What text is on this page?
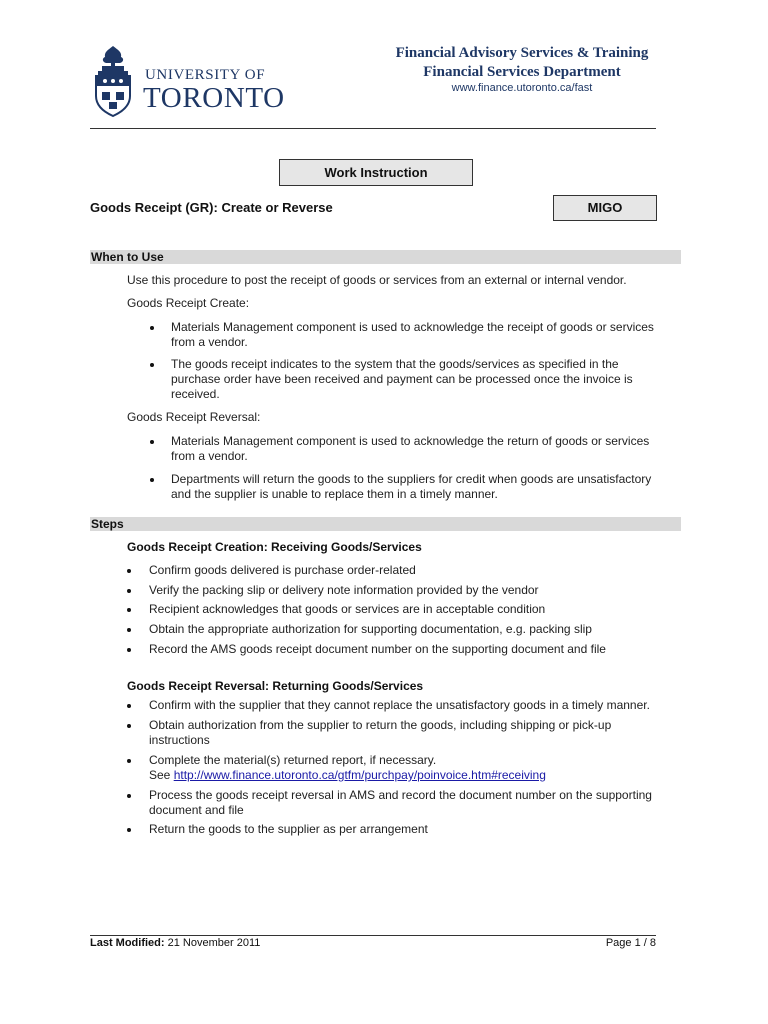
UNIVERSITY OF
TORONTO
Financial Advisory Services & Training
Financial Services Department
www.finance.utoronto.ca/fast
Work Instruction
Goods Receipt (GR): Create or Reverse	MIGO
When to Use
Use this procedure to post the receipt of goods or services from an external or internal vendor.
Goods Receipt Create:
Materials Management component is used to acknowledge the receipt of goods or services
from a vendor.
The goods receipt indicates to the system that the goods/services as specified in the
purchase order have been received and payment can be processed once the invoice is
received.
Goods Receipt Reversal:
Materials Management component is used to acknowledge the return of goods or services
from a vendor.
Departments will return the goods to the suppliers for credit when goods are unsatisfactory
and the supplier is unable to replace them in a timely manner.
Steps
Goods Receipt Creation: Receiving Goods/Services
Confirm goods delivered is purchase order-related
Verify the packing slip or delivery note information provided by the vendor
Recipient acknowledges that goods or services are in acceptable condition
Obtain the appropriate authorization for supporting documentation, e.g. packing slip
Record the AMS goods receipt document number on the supporting document and file
Goods Receipt Reversal: Returning Goods/Services
Confirm with the supplier that they cannot replace the unsatisfactory goods in a timely manner.
Obtain authorization from the supplier to return the goods, including shipping or pick-up
instructions
Complete the material(s) returned report, if necessary.
See http://www.finance.utoronto.ca/gtfm/purchpay/poinvoice.htm#receiving
Process the goods receipt reversal in AMS and record the document number on the supporting
document and file
Return the goods to the supplier as per arrangement
Last Modified: 21 November 2011	Page 1 / 8
